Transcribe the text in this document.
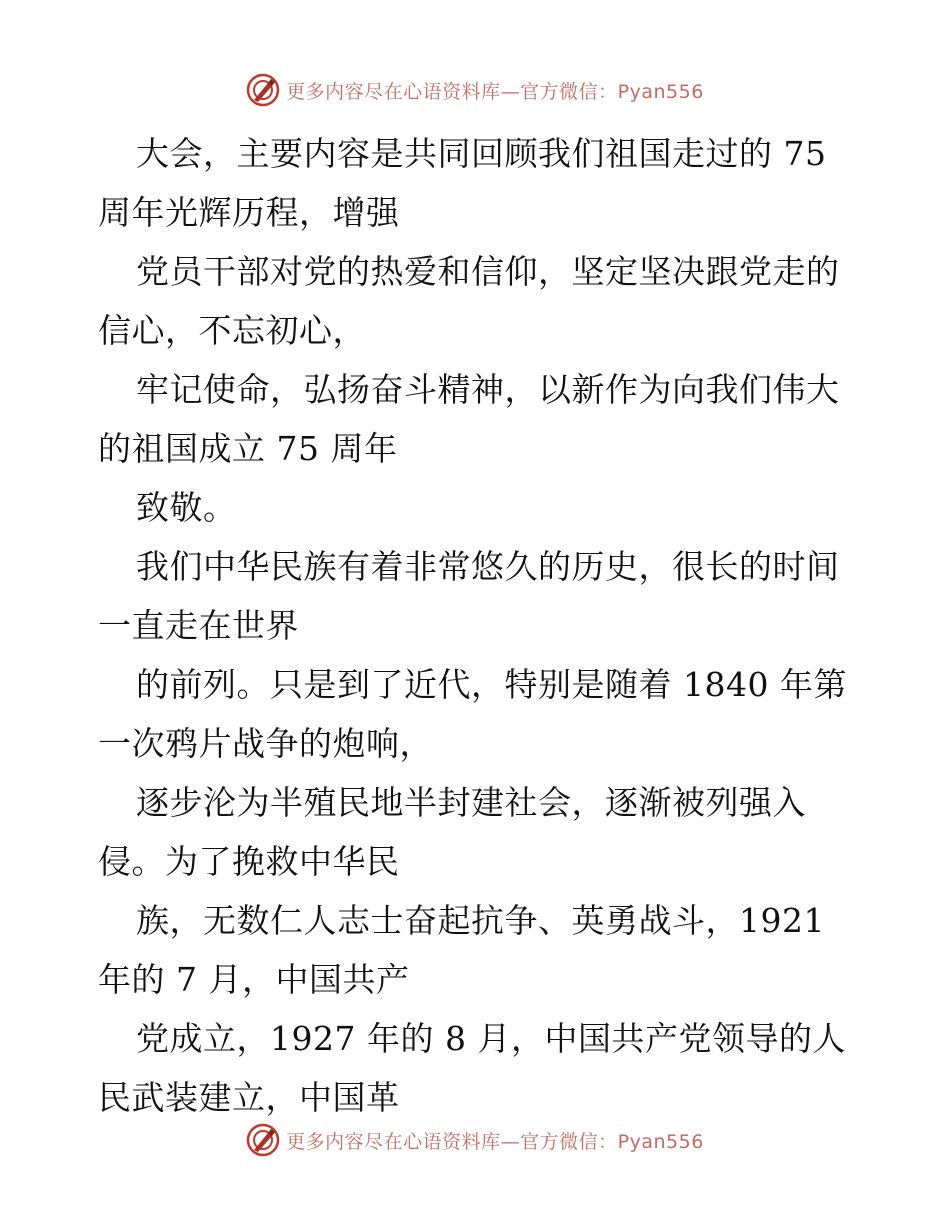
更多内容尽在心语资料库—官方微信：Pyan556

大会，主要内容是共同回顾我们祖国走过的 75
周年光辉历程，增强

党员干部对党的热爱和信仰，坚定坚决跟党走的
信心，不忘初心，

牢记使命，弘扬奋斗精神，以新作为向我们伟大
的祖国成立 75 周年

致敬。

我们中华民族有着非常悠久的历史，很长的时间
一直走在世界

的前列。只是到了近代，特别是随着 1840 年第
一次鸦片战争的炮响，

逐步沦为半殖民地半封建社会，逐渐被列强入
侵。为了挽救中华民

族，无数仁人志士奋起抗争、英勇战斗，1921
年的 7 月，中国共产

党成立，1927 年的 8 月，中国共产党领导的人
民武装建立，中国革

更多内容尽在心语资料库—官方微信：Pyan556
